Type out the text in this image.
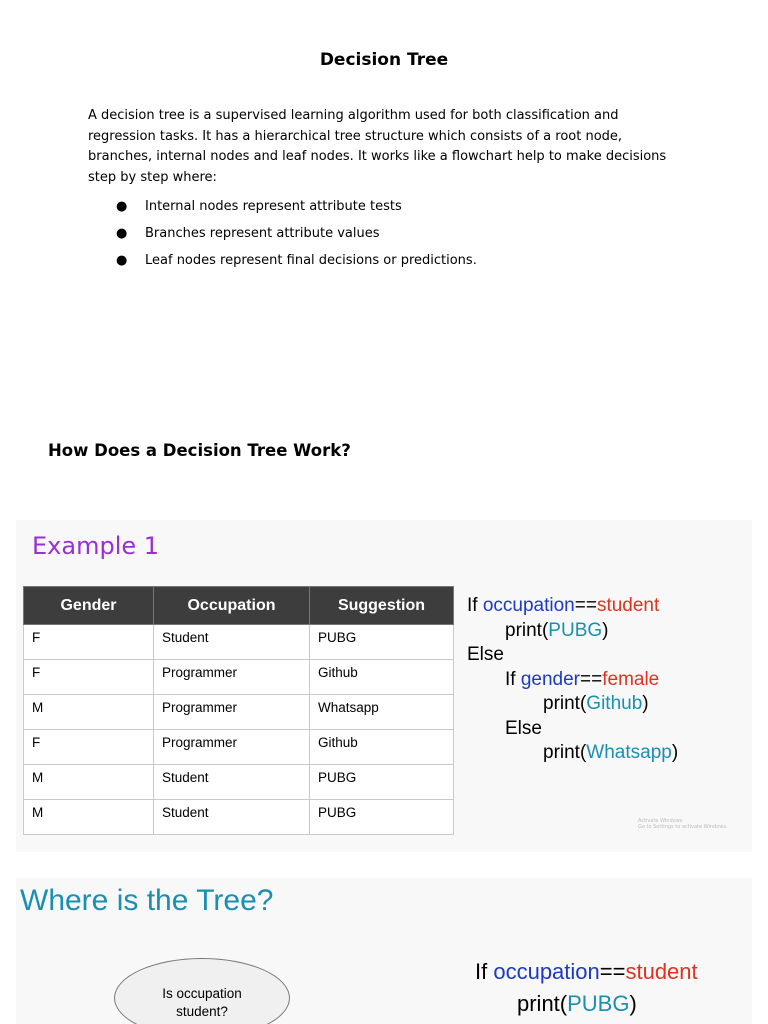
Decision Tree
A decision tree is a supervised learning algorithm used for both classification and regression tasks. It has a hierarchical tree structure which consists of a root node, branches, internal nodes and leaf nodes. It works like a flowchart help to make decisions step by step where:
●	Internal nodes represent attribute tests
●	Branches represent attribute values
●	Leaf nodes represent final decisions or predictions.
How Does a Decision Tree Work?
Example 1
Gender	Occupation	Suggestion
F	Student	PUBG
F	Programmer	Github
M	Programmer	Whatsapp
F	Programmer	Github
M	Student	PUBG
M	Student	PUBG
If occupation==student
print(PUBG)
Else
If gender==female
print(Github)
Else
print(Whatsapp)
Activate Windows
Go to Settings to activate Windows.
Where is the Tree?
Is occupation
student?
If occupation==student
print(PUBG)
